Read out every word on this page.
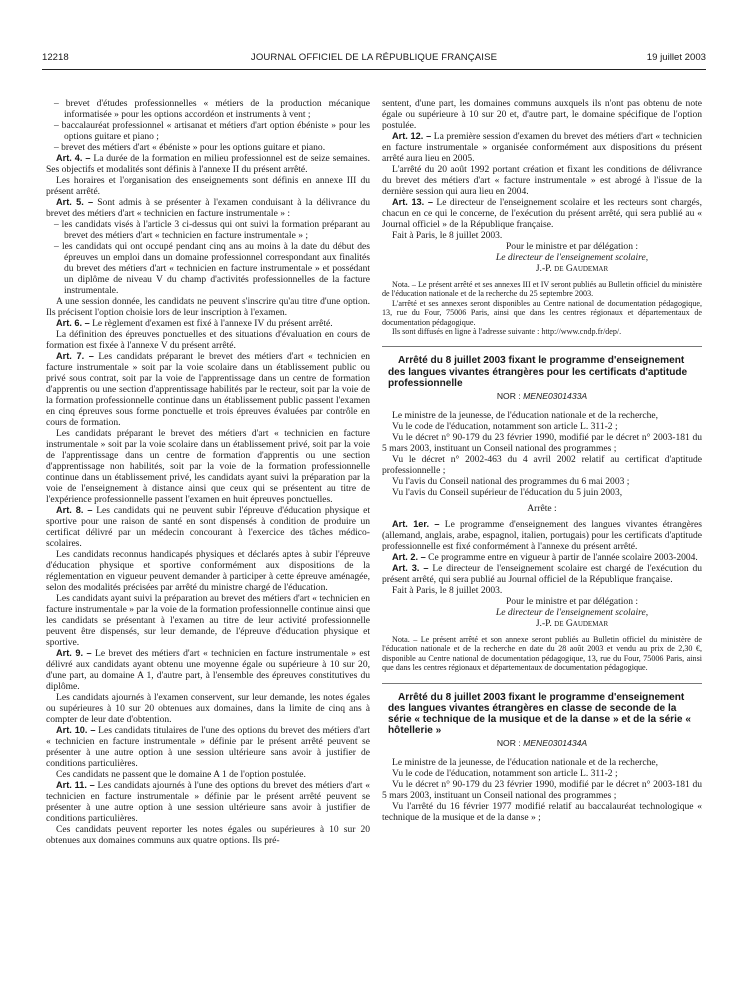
12218	JOURNAL OFFICIEL DE LA RÉPUBLIQUE FRANÇAISE	19 juillet 2003

– brevet d'études professionnelles « métiers de la production mécanique informatisée » pour les options accordéon et instruments à vent ;

– baccalauréat professionnel « artisanat et métiers d'art option ébéniste » pour les options guitare et piano ;

– brevet des métiers d'art « ébéniste » pour les options guitare et piano.

Art. 4. – La durée de la formation en milieu professionnel est de seize semaines. Ses objectifs et modalités sont définis à l'annexe II du présent arrêté.

Les horaires et l'organisation des enseignements sont définis en annexe III du présent arrêté.

Art. 5. – Sont admis à se présenter à l'examen conduisant à la délivrance du brevet des métiers d'art « technicien en facture instrumentale » :

– les candidats visés à l'article 3 ci-dessus qui ont suivi la formation préparant au brevet des métiers d'art « technicien en facture instrumentale » ;

– les candidats qui ont occupé pendant cinq ans au moins à la date du début des épreuves un emploi dans un domaine professionnel correspondant aux finalités du brevet des métiers d'art « technicien en facture instrumentale » et possédant un diplôme de niveau V du champ d'activités professionnelles de la facture instrumentale.

A une session donnée, les candidats ne peuvent s'inscrire qu'au titre d'une option. Ils précisent l'option choisie lors de leur inscription à l'examen.

Art. 6. – Le règlement d'examen est fixé à l'annexe IV du présent arrêté.

La définition des épreuves ponctuelles et des situations d'évaluation en cours de formation est fixée à l'annexe V du présent arrêté.

Art. 7. – Les candidats préparant le brevet des métiers d'art « technicien en facture instrumentale » soit par la voie scolaire dans un établissement public ou privé sous contrat, soit par la voie de l'apprentissage dans un centre de formation d'apprentis ou une section d'apprentissage habilités par le recteur, soit par la voie de la formation professionnelle continue dans un établissement public passent l'examen en cinq épreuves sous forme ponctuelle et trois épreuves évaluées par contrôle en cours de formation.

Les candidats préparant le brevet des métiers d'art « technicien en facture instrumentale » soit par la voie scolaire dans un établissement privé, soit par la voie de l'apprentissage dans un centre de formation d'apprentis ou une section d'apprentissage non habilités, soit par la voie de la formation professionnelle continue dans un établissement privé, les candidats ayant suivi la préparation par la voie de l'enseignement à distance ainsi que ceux qui se présentent au titre de l'expérience professionnelle passent l'examen en huit épreuves ponctuelles.

Art. 8. – Les candidats qui ne peuvent subir l'épreuve d'éducation physique et sportive pour une raison de santé en sont dispensés à condition de produire un certificat délivré par un médecin concourant à l'exercice des tâches médico-scolaires.

Les candidats reconnus handicapés physiques et déclarés aptes à subir l'épreuve d'éducation physique et sportive conformément aux dispositions de la réglementation en vigueur peuvent demander à participer à cette épreuve aménagée, selon des modalités précisées par arrêté du ministre chargé de l'éducation.

Les candidats ayant suivi la préparation au brevet des métiers d'art « technicien en facture instrumentale » par la voie de la formation professionnelle continue ainsi que les candidats se présentant à l'examen au titre de leur activité professionnelle peuvent être dispensés, sur leur demande, de l'épreuve d'éducation physique et sportive.

Art. 9. – Le brevet des métiers d'art « technicien en facture instrumentale » est délivré aux candidats ayant obtenu une moyenne égale ou supérieure à 10 sur 20, d'une part, au domaine A 1, d'autre part, à l'ensemble des épreuves constitutives du diplôme.

Les candidats ajournés à l'examen conservent, sur leur demande, les notes égales ou supérieures à 10 sur 20 obtenues aux domaines, dans la limite de cinq ans à compter de leur date d'obtention.

Art. 10. – Les candidats titulaires de l'une des options du brevet des métiers d'art « technicien en facture instrumentale » définie par le présent arrêté peuvent se présenter à une autre option à une session ultérieure sans avoir à justifier de conditions particulières.

Ces candidats ne passent que le domaine A 1 de l'option postulée.

Art. 11. – Les candidats ajournés à l'une des options du brevet des métiers d'art « technicien en facture instrumentale » définie par le présent arrêté peuvent se présenter à une autre option à une session ultérieure sans avoir à justifier de conditions particulières.

Ces candidats peuvent reporter les notes égales ou supérieures à 10 sur 20 obtenues aux domaines communs aux quatre options. Ils pré-

sentent, d'une part, les domaines communs auxquels ils n'ont pas obtenu de note égale ou supérieure à 10 sur 20 et, d'autre part, le domaine spécifique de l'option postulée.

Art. 12. – La première session d'examen du brevet des métiers d'art « technicien en facture instrumentale » organisée conformément aux dispositions du présent arrêté aura lieu en 2005.

L'arrêté du 20 août 1992 portant création et fixant les conditions de délivrance du brevet des métiers d'art « facture instrumentale » est abrogé à l'issue de la dernière session qui aura lieu en 2004.

Art. 13. – Le directeur de l'enseignement scolaire et les recteurs sont chargés, chacun en ce qui le concerne, de l'exécution du présent arrêté, qui sera publié au « Journal officiel » de la République française.

Fait à Paris, le 8 juillet 2003.

Pour le ministre et par délégation :
Le directeur de l'enseignement scolaire,
J.-P. de Gaudemar

Nota. – Le présent arrêté et ses annexes III et IV seront publiés au Bulletin officiel du ministère de l'éducation nationale et de la recherche du 25 septembre 2003.

L'arrêté et ses annexes seront disponibles au Centre national de documentation pédagogique, 13, rue du Four, 75006 Paris, ainsi que dans les centres régionaux et départementaux de documentation pédagogique.

Ils sont diffusés en ligne à l'adresse suivante : http://www.cndp.fr/dep/.

Arrêté du 8 juillet 2003 fixant le programme d'enseignement des langues vivantes étrangères pour les certificats d'aptitude professionnelle

NOR : MENE0301433A

Le ministre de la jeunesse, de l'éducation nationale et de la recherche,

Vu le code de l'éducation, notamment son article L. 311-2 ;

Vu le décret n° 90-179 du 23 février 1990, modifié par le décret n° 2003-181 du 5 mars 2003, instituant un Conseil national des programmes ;

Vu le décret n° 2002-463 du 4 avril 2002 relatif au certificat d'aptitude professionnelle ;

Vu l'avis du Conseil national des programmes du 6 mai 2003 ;

Vu l'avis du Conseil supérieur de l'éducation du 5 juin 2003,

Arrête :

Art. 1er. – Le programme d'enseignement des langues vivantes étrangères (allemand, anglais, arabe, espagnol, italien, portugais) pour les certificats d'aptitude professionnelle est fixé conformément à l'annexe du présent arrêté.

Art. 2. – Ce programme entre en vigueur à partir de l'année scolaire 2003-2004.

Art. 3. – Le directeur de l'enseignement scolaire est chargé de l'exécution du présent arrêté, qui sera publié au Journal officiel de la République française.

Fait à Paris, le 8 juillet 2003.

Pour le ministre et par délégation :
Le directeur de l'enseignement scolaire,
J.-P. de Gaudemar

Nota. – Le présent arrêté et son annexe seront publiés au Bulletin officiel du ministère de l'éducation nationale et de la recherche en date du 28 août 2003 et vendu au prix de 2,30 €, disponible au Centre national de documentation pédagogique, 13, rue du Four, 75006 Paris, ainsi que dans les centres régionaux et départementaux de documentation pédagogique.

Arrêté du 8 juillet 2003 fixant le programme d'enseignement des langues vivantes étrangères en classe de seconde de la série « technique de la musique et de la danse » et de la série « hôtellerie »

NOR : MENE0301434A

Le ministre de la jeunesse, de l'éducation nationale et de la recherche,

Vu le code de l'éducation, notamment son article L. 311-2 ;

Vu le décret n° 90-179 du 23 février 1990, modifié par le décret n° 2003-181 du 5 mars 2003, instituant un Conseil national des programmes ;

Vu l'arrêté du 16 février 1977 modifié relatif au baccalauréat technologique « technique de la musique et de la danse » ;
